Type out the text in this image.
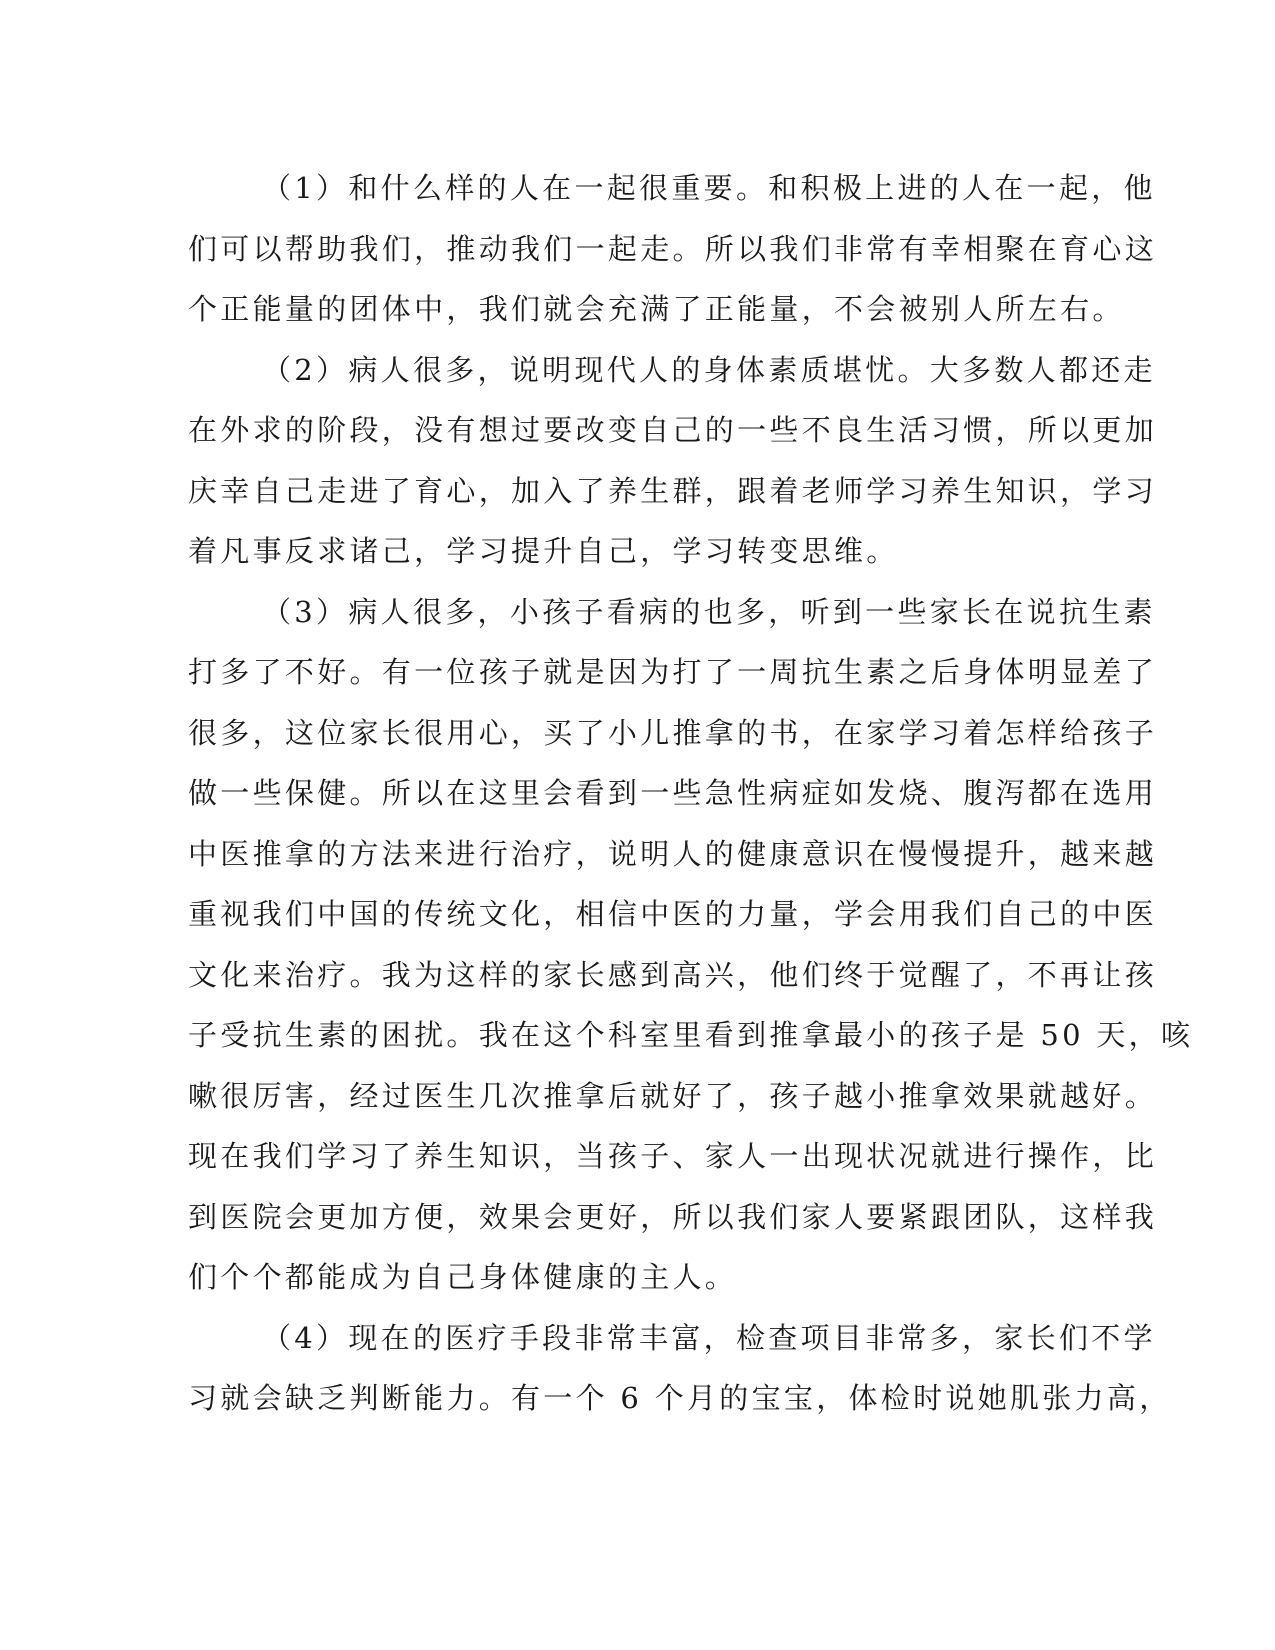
（1）和什么样的人在一起很重要。和积极上进的人在一起，他
们可以帮助我们，推动我们一起走。所以我们非常有幸相聚在育心这
个正能量的团体中，我们就会充满了正能量，不会被别人所左右。
（2）病人很多，说明现代人的身体素质堪忧。大多数人都还走
在外求的阶段，没有想过要改变自己的一些不良生活习惯，所以更加
庆幸自己走进了育心，加入了养生群，跟着老师学习养生知识，学习
着凡事反求诸己，学习提升自己，学习转变思维。
（3）病人很多，小孩子看病的也多，听到一些家长在说抗生素
打多了不好。有一位孩子就是因为打了一周抗生素之后身体明显差了
很多，这位家长很用心，买了小儿推拿的书，在家学习着怎样给孩子
做一些保健。所以在这里会看到一些急性病症如发烧、腹泻都在选用
中医推拿的方法来进行治疗，说明人的健康意识在慢慢提升，越来越
重视我们中国的传统文化，相信中医的力量，学会用我们自己的中医
文化来治疗。我为这样的家长感到高兴，他们终于觉醒了，不再让孩
子受抗生素的困扰。我在这个科室里看到推拿最小的孩子是 50 天，咳
嗽很厉害，经过医生几次推拿后就好了，孩子越小推拿效果就越好。
现在我们学习了养生知识，当孩子、家人一出现状况就进行操作，比
到医院会更加方便，效果会更好，所以我们家人要紧跟团队，这样我
们个个都能成为自己身体健康的主人。
（4）现在的医疗手段非常丰富，检查项目非常多，家长们不学
习就会缺乏判断能力。有一个 6 个月的宝宝，体检时说她肌张力高，
